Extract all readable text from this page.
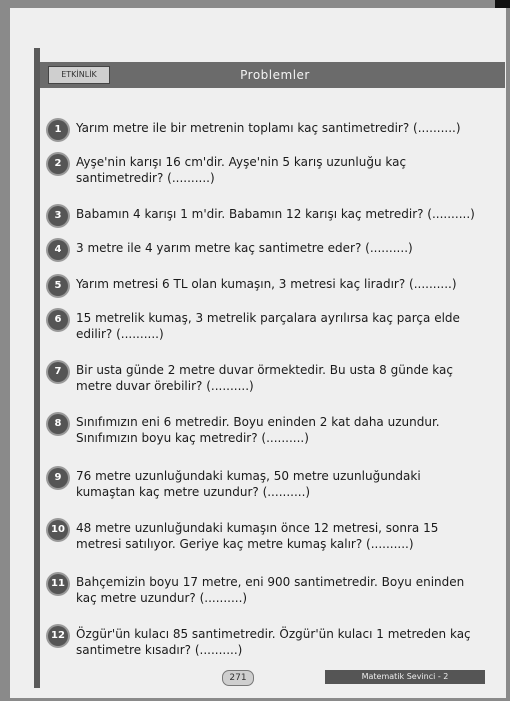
ETKİNLİK	Problemler
1	Yarım metre ile bir metrenin toplamı kaç santimetredir? (..........)
2	Ayşe'nin karışı 16 cm'dir. Ayşe'nin 5 karış uzunluğu kaç santimetredir? (..........)
3	Babamın 4 karışı 1 m'dir. Babamın 12 karışı kaç metredir? (..........)
4	3 metre ile 4 yarım metre kaç santimetre eder? (..........)
5	Yarım metresi 6 TL olan kumaşın, 3 metresi kaç liradır? (..........)
6	15 metrelik kumaş, 3 metrelik parçalara ayrılırsa kaç parça elde edilir? (..........)
7	Bir usta günde 2 metre duvar örmektedir. Bu usta 8 günde kaç metre duvar örebilir? (..........)
8	Sınıfımızın eni 6 metredir. Boyu eninden 2 kat daha uzundur. Sınıfımızın boyu kaç metredir? (..........)
9	76 metre uzunluğundaki kumaş, 50 metre uzunluğundaki kumaştan kaç metre uzundur? (..........)
10 48 metre uzunluğundaki kumaşın önce 12 metresi, sonra 15 metresi satılıyor. Geriye kaç metre kumaş kalır? (..........)
11 Bahçemizin boyu 17 metre, eni 900 santimetredir. Boyu eninden kaç metre uzundur? (..........)
12 Özgür'ün kulacı 85 santimetredir. Özgür'ün kulacı 1 metreden kaç santimetre kısadır? (..........)
271	Matematik Sevinci - 2
